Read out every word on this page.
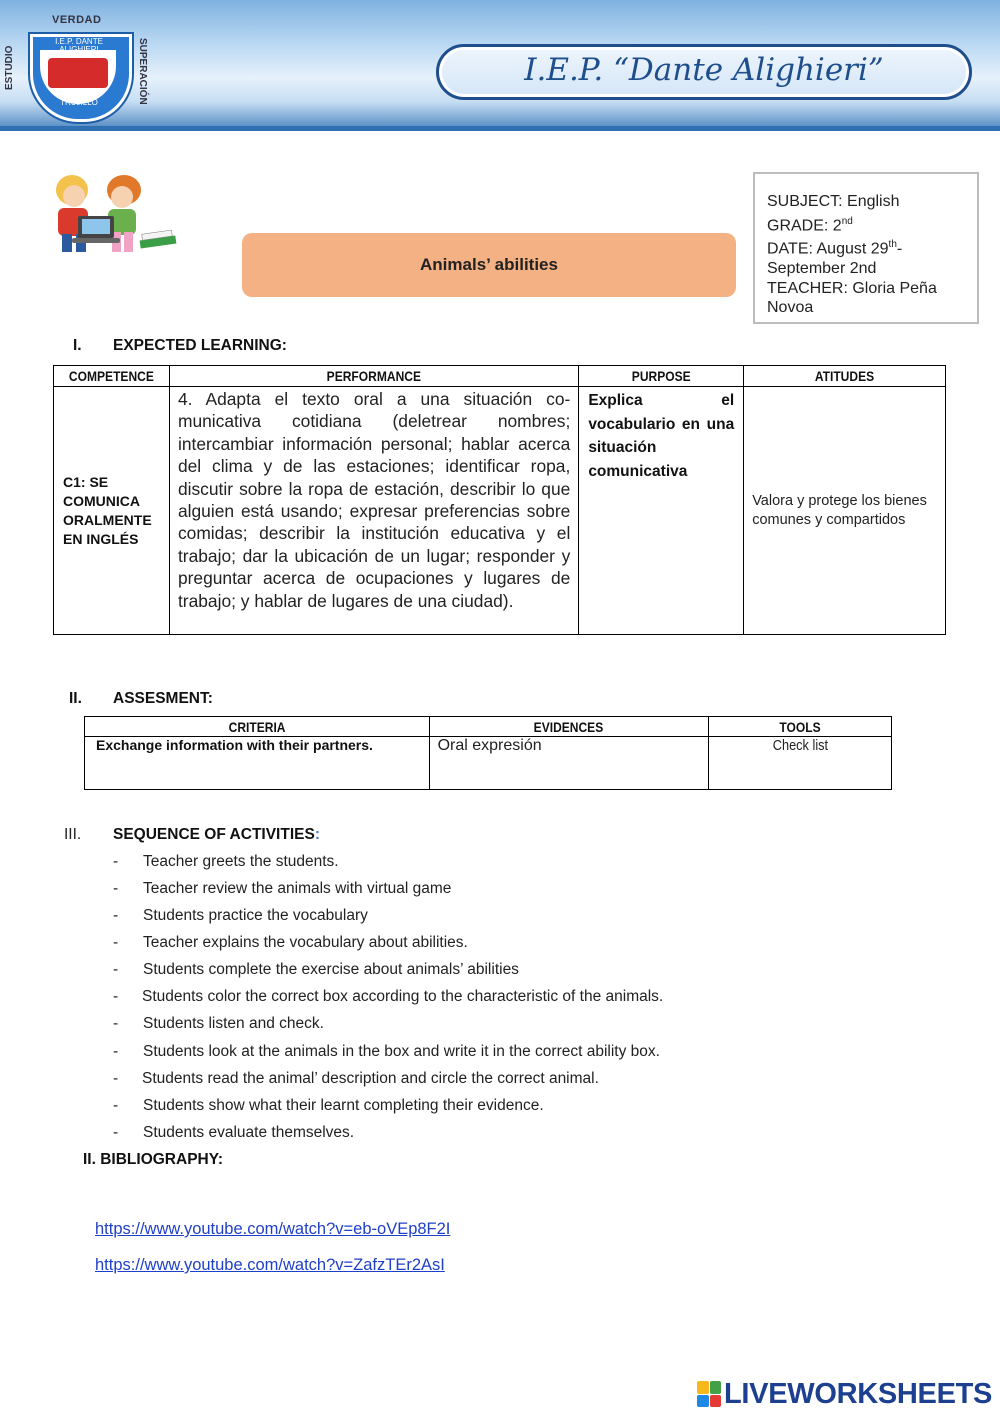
VERDAD
ESTUDIO	SUPERACIÓN
I.E.P. DANTE ALIGHIERI
TRUJILLO
I.E.P. “Dante Alighieri”
Animals’ abilities
SUBJECT: English
GRADE: 2nd
DATE: August 29th-
September 2nd
TEACHER: Gloria Peña
Novoa
I. EXPECTED LEARNING:
COMPETENCE	PERFORMANCE	PURPOSE	ATITUDES
C1: SE COMUNICA ORALMENTE EN INGLÉS	4. Adapta el texto oral a una situación co-municativa cotidiana (deletrear nombres; intercambiar información personal; hablar acerca del clima y de las estaciones; identificar ropa, discutir sobre la ropa de estación, describir lo que alguien está usando; expresar preferencias sobre comidas; describir la institución educativa y el trabajo; dar la ubicación de un lugar; responder y preguntar acerca de ocupaciones y lugares de trabajo; y hablar de lugares de una ciudad).	Explica el vocabulario en una situación comunicativa	Valora y protege los bienes comunes y compartidos
II. ASSESMENT:
CRITERIA	EVIDENCES	TOOLS
Exchange information with their partners.	Oral expresión	Check list
III. SEQUENCE OF ACTIVITIES:
- Teacher greets the students.
- Teacher review the animals with virtual game
- Students practice the vocabulary
- Teacher explains the vocabulary about abilities.
- Students complete the exercise about animals’ abilities
- Students color the correct box according to the characteristic of the animals.
- Students listen and check.
- Students look at the animals in the box and write it in the correct ability box.
- Students read the animal’ description and circle the correct animal.
- Students show what their learnt completing their evidence.
- Students evaluate themselves.
II. BIBLIOGRAPHY:
https://www.youtube.com/watch?v=eb-oVEp8F2I
https://www.youtube.com/watch?v=ZafzTEr2AsI
LIVEWORKSHEETS
